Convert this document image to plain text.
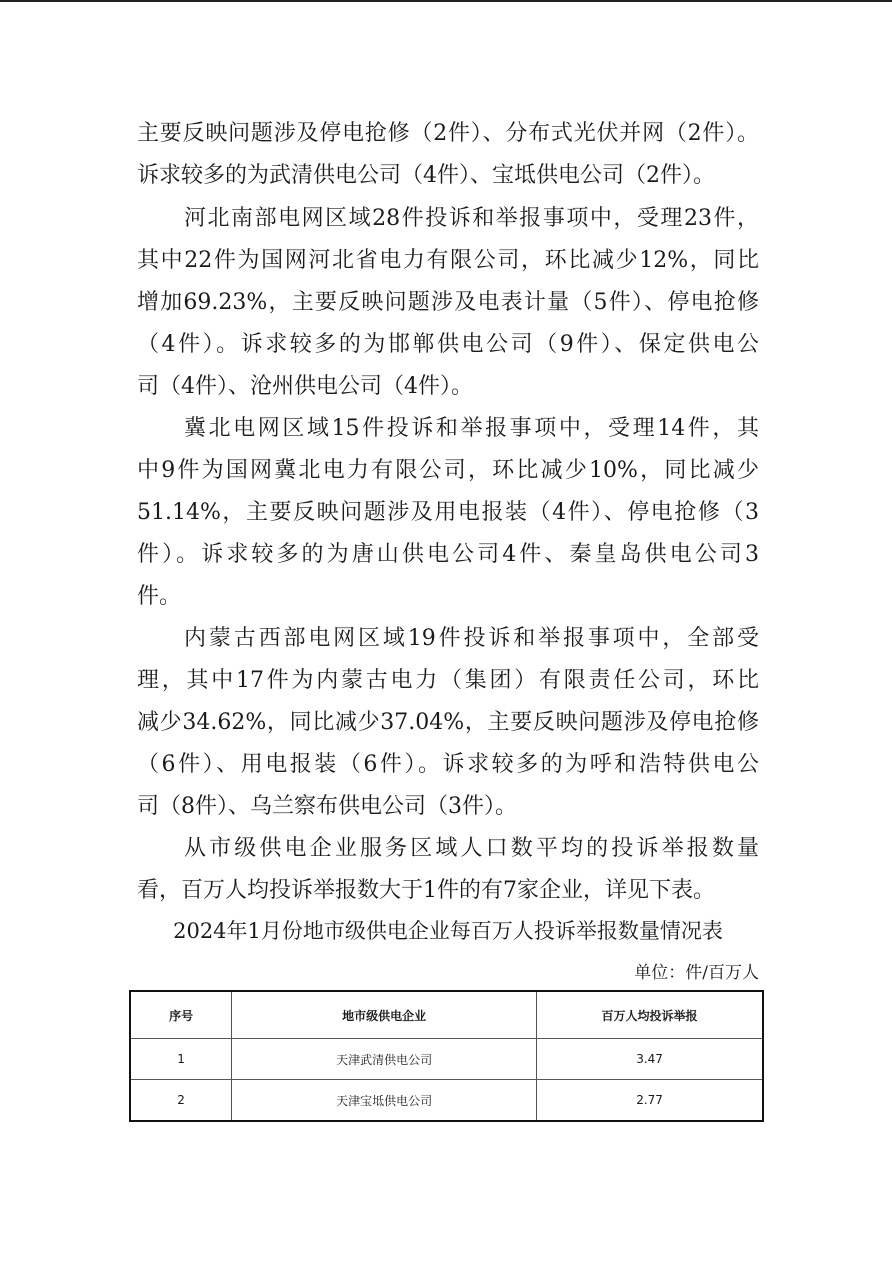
主要反映问题涉及停电抢修（2件）、分布式光伏并网（2件）。
诉求较多的为武清供电公司（4件）、宝坻供电公司（2件）。
河北南部电网区域28件投诉和举报事项中，受理23件，
其中22件为国网河北省电力有限公司，环比减少12%，同比
增加69.23%，主要反映问题涉及电表计量（5件）、停电抢修
（4件）。诉求较多的为邯郸供电公司（9件）、保定供电公
司（4件）、沧州供电公司（4件）。
冀北电网区域15件投诉和举报事项中，受理14件，其
中9件为国网冀北电力有限公司，环比减少10%，同比减少
51.14%，主要反映问题涉及用电报装（4件）、停电抢修（3
件）。诉求较多的为唐山供电公司4件、秦皇岛供电公司3
件。
内蒙古西部电网区域19件投诉和举报事项中，全部受
理，其中17件为内蒙古电力（集团）有限责任公司，环比
减少34.62%，同比减少37.04%，主要反映问题涉及停电抢修
（6件）、用电报装（6件）。诉求较多的为呼和浩特供电公
司（8件）、乌兰察布供电公司（3件）。
从市级供电企业服务区域人口数平均的投诉举报数量
看，百万人均投诉举报数大于1件的有7家企业，详见下表。
2024年1月份地市级供电企业每百万人投诉举报数量情况表
单位：件/百万人
序号	地市级供电企业	百万人均投诉举报
1	天津武清供电公司	3.47
2	天津宝坻供电公司	2.77
